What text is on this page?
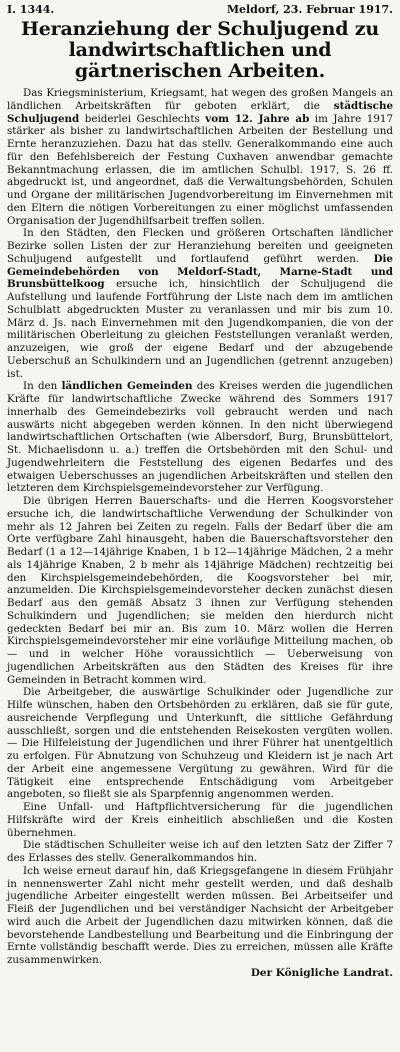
I. 1344.	Meldorf, 23. Februar 1917.
Heranziehung der Schuljugend zu landwirtschaftlichen und gärtnerischen Arbeiten.

Das Kriegsministerium, Kriegsamt, hat wegen des großen Mangels an ländlichen Arbeitskräften für geboten erklärt, die städtische Schuljugend beiderlei Geschlechts vom 12. Jahre ab im Jahre 1917 stärker als bisher zu landwirtschaftlichen Arbeiten der Bestellung und Ernte heranzuziehen. Dazu hat das stellv. Generalkommando eine auch für den Befehlsbereich der Festung Cuxhaven anwendbar gemachte Bekanntmachung erlassen, die im amtlichen Schulbl. 1917, S. 26 ff. abgedruckt ist, und angeordnet, daß die Verwaltungsbehörden, Schulen und Organe der militärischen Jugendvorbereitung im Einvernehmen mit den Eltern die nötigen Vorbereitungen zu einer möglichst umfassenden Organisation der Jugendhilfsarbeit treffen sollen.

In den Städten, den Flecken und größeren Ortschaften ländlicher Bezirke sollen Listen der zur Heranziehung bereiten und geeigneten Schuljugend aufgestellt und fortlaufend geführt werden. Die Gemeindebehörden von Meldorf-Stadt, Marne-Stadt und Brunsbüttelkoog ersuche ich, hinsichtlich der Schuljugend die Aufstellung und laufende Fortführung der Liste nach dem im amtlichen Schulblatt abgedruckten Muster zu veranlassen und mir bis zum 10. März d. Js. nach Einvernehmen mit den Jugendkompanien, die von der militärischen Oberleitung zu gleichen Feststellungen veranlaßt werden, anzuzeigen, wie groß der eigene Bedarf und der abzugebende Ueberschuß an Schulkindern und an Jugendlichen (getrennt anzugeben) ist.

In den ländlichen Gemeinden des Kreises werden die jugendlichen Kräfte für landwirtschaftliche Zwecke während des Sommers 1917 innerhalb des Gemeindebezirks voll gebraucht werden und nach auswärts nicht abgegeben werden können. In den nicht überwiegend landwirtschaftlichen Ortschaften (wie Albersdorf, Burg, Brunsbüttelort, St. Michaelisdonn u. a.) treffen die Ortsbehörden mit den Schul- und Jugendwehrleitern die Feststellung des eigenen Bedarfes und des etwaigen Ueberschusses an jugendlichen Arbeitskräften und stellen den letzteren dem Kirchspielsgemeindevorsteher zur Verfügung.

Die übrigen Herren Bauerschafts- und die Herren Koogsvorsteher ersuche ich, die landwirtschaftliche Verwendung der Schulkinder von mehr als 12 Jahren bei Zeiten zu regeln. Falls der Bedarf über die am Orte verfügbare Zahl hinausgeht, haben die Bauerschaftsvorsteher den Bedarf (1 a 12—14jährige Knaben, 1 b 12—14jährige Mädchen, 2 a mehr als 14jährige Knaben, 2 b mehr als 14jährige Mädchen) rechtzeitig bei den Kirchspielsgemeindebehörden, die Koogsvorsteher bei mir, anzumelden. Die Kirchspielsgemeindevorsteher decken zunächst diesen Bedarf aus den gemäß Absatz 3 ihnen zur Verfügung stehenden Schulkindern und Jugendlichen; sie melden den hierdurch nicht gedeckten Bedarf bei mir an. Bis zum 10. März wollen die Herren Kirchspielsgemeindevorsteher mir eine vorläufige Mitteilung machen, ob — und in welcher Höhe voraussichtlich — Ueberweisung von jugendlichen Arbeitskräften aus den Städten des Kreises für ihre Gemeinden in Betracht kommen wird.

Die Arbeitgeber, die auswärtige Schulkinder oder Jugendliche zur Hilfe wünschen, haben den Ortsbehörden zu erklären, daß sie für gute, ausreichende Verpflegung und Unterkunft, die sittliche Gefährdung ausschließt, sorgen und die entstehenden Reisekosten vergüten wollen. — Die Hilfeleistung der Jugendlichen und ihrer Führer hat unentgeltlich zu erfolgen. Für Abnutzung von Schuhzeug und Kleidern ist je nach Art der Arbeit eine angemessene Vergütung zu gewähren. Wird für die Tätigkeit eine entsprechende Entschädigung vom Arbeitgeber angeboten, so fließt sie als Sparpfennig angenommen werden.

Eine Unfall- und Haftpflichtversicherung für die jugendlichen Hilfskräfte wird der Kreis einheitlich abschließen und die Kosten übernehmen.

Die städtischen Schulleiter weise ich auf den letzten Satz der Ziffer 7 des Erlasses des stellv. Generalkommandos hin.

Ich weise erneut darauf hin, daß Kriegsgefangene in diesem Frühjahr in nennenswerter Zahl nicht mehr gestellt werden, und daß deshalb jugendliche Arbeiter eingestellt werden müssen. Bei Arbeitseifer und Fleiß der Jugendlichen und bei verständiger Nachsicht der Arbeitgeber wird auch die Arbeit der Jugendlichen dazu mitwirken können, daß die bevorstehende Landbestellung und Bearbeitung und die Einbringung der Ernte vollständig beschafft werde. Dies zu erreichen, müssen alle Kräfte zusammenwirken.

Der Königliche Landrat.
